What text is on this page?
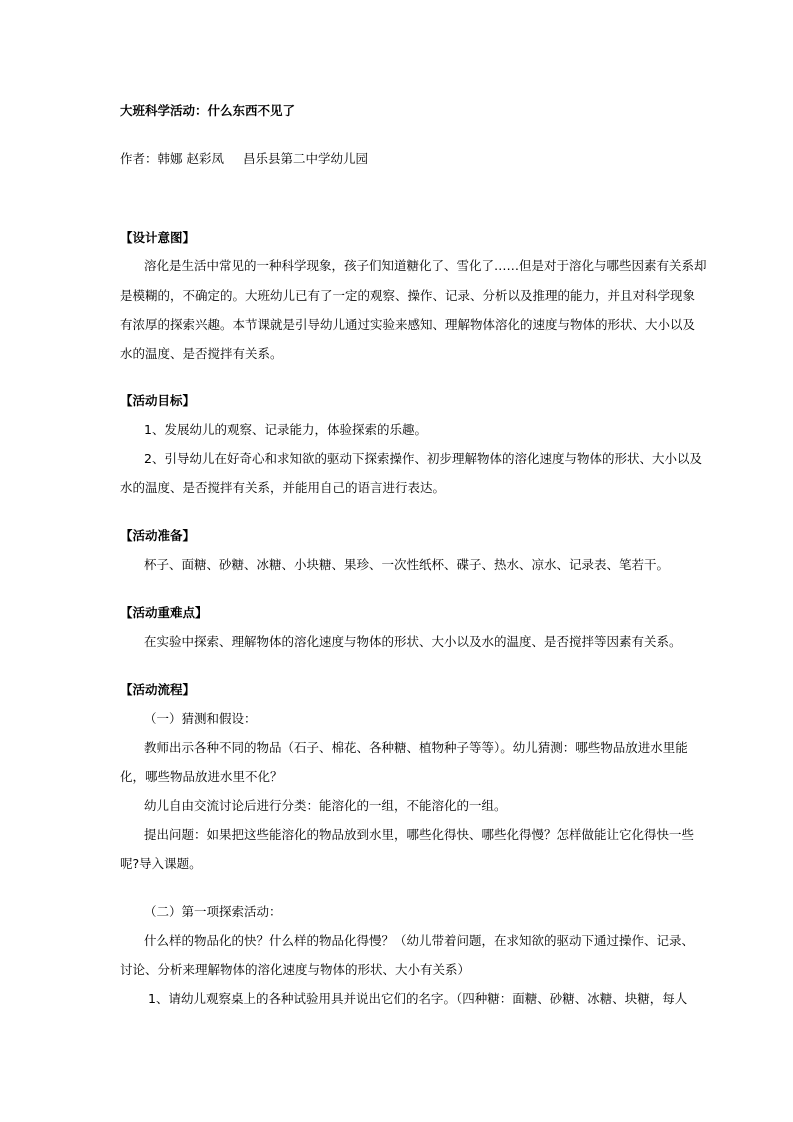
大班科学活动：什么东西不见了
作者：韩娜 赵彩凤 昌乐县第二中学幼儿园
【设计意图】
溶化是生活中常见的一种科学现象，孩子们知道糖化了、雪化了……但是对于溶化与哪些因素有关系却
是模糊的，不确定的。大班幼儿已有了一定的观察、操作、记录、分析以及推理的能力，并且对科学现象
有浓厚的探索兴趣。本节课就是引导幼儿通过实验来感知、理解物体溶化的速度与物体的形状、大小以及
水的温度、是否搅拌有关系。
【活动目标】
1、发展幼儿的观察、记录能力，体验探索的乐趣。
2、引导幼儿在好奇心和求知欲的驱动下探索操作、初步理解物体的溶化速度与物体的形状、大小以及
水的温度、是否搅拌有关系，并能用自己的语言进行表达。
【活动准备】
杯子、面糖、砂糖、冰糖、小块糖、果珍、一次性纸杯、碟子、热水、凉水、记录表、笔若干。
【活动重难点】
在实验中探索、理解物体的溶化速度与物体的形状、大小以及水的温度、是否搅拌等因素有关系。
【活动流程】
（一）猜测和假设：
教师出示各种不同的物品（石子、棉花、各种糖、植物种子等等）。幼儿猜测：哪些物品放进水里能
化，哪些物品放进水里不化？
幼儿自由交流讨论后进行分类：能溶化的一组，不能溶化的一组。
提出问题：如果把这些能溶化的物品放到水里，哪些化得快、哪些化得慢？怎样做能让它化得快一些
呢?导入课题。
（二）第一项探索活动：
什么样的物品化的快？什么样的物品化得慢？（幼儿带着问题，在求知欲的驱动下通过操作、记录、
讨论、分析来理解物体的溶化速度与物体的形状、大小有关系）
1、请幼儿观察桌上的各种试验用具并说出它们的名字。（四种糖：面糖、砂糖、冰糖、块糖，每人
